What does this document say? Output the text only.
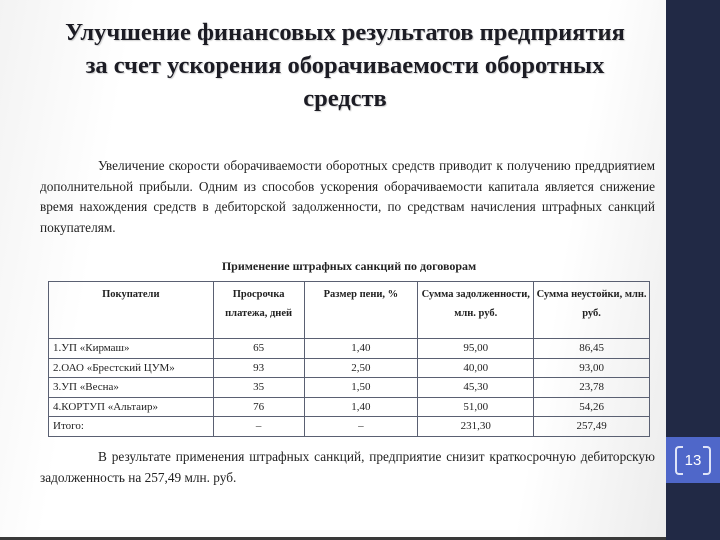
13
Улучшение финансовых результатов предприятия за счет ускорения оборачиваемости оборотных средств

Увеличение скорости оборачиваемости оборотных средств приводит к получению преддриятием дополнительной прибыли. Одним из способов ускорения оборачиваемости капитала является снижение время нахождения средств в дебиторской задолженности, по средствам начисления штрафных санкций покупателям.

Применение штрафных санкций по договорам
Покупатели	Просрочка платежа, дней	Размер пени, %	Сумма задолженности, млн. руб.	Сумма неустойки, млн. руб.
1.УП «Кирмаш»	65	1,40	95,00	86,45
2.ОАО «Брестский ЦУМ»	93	2,50	40,00	93,00
3.УП «Весна»	35	1,50	45,30	23,78
4.КОРТУП «Альтаир»	76	1,40	51,00	54,26
Итого:	–	–	231,30	257,49

В результате применения штрафных санкций, предприятие снизит краткосрочную дебиторскую задолженность на 257,49 млн. руб.
